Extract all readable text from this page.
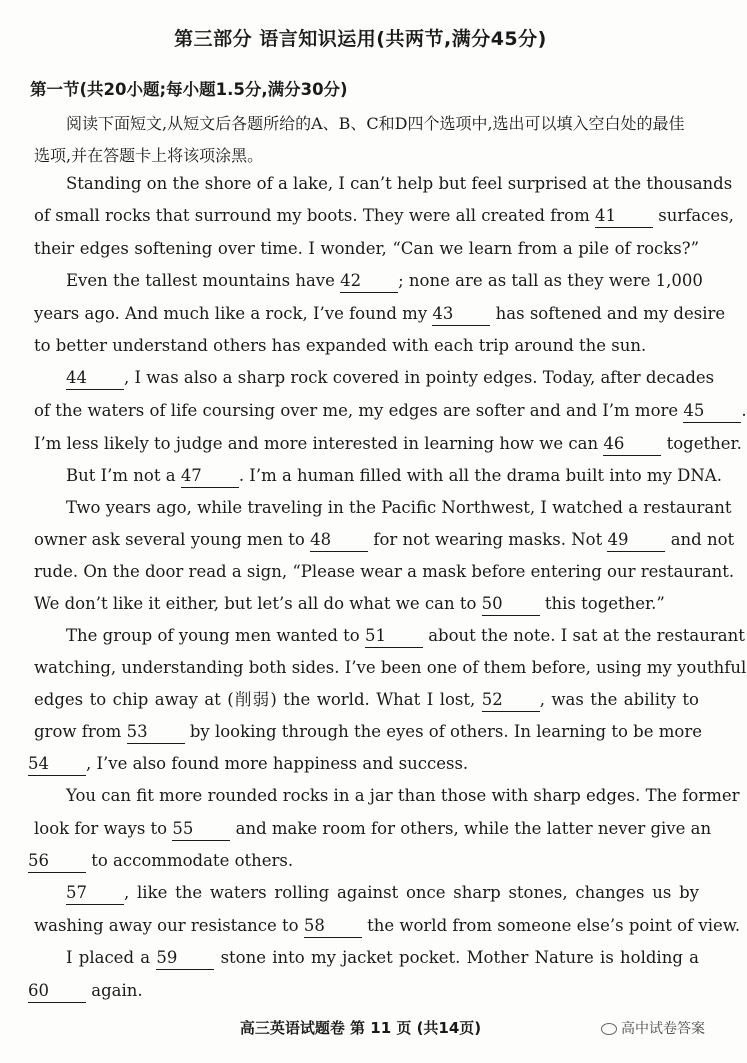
第三部分 语言知识运用(共两节,满分45分)
第一节(共20小题;每小题1.5分,满分30分)
阅读下面短文,从短文后各题所给的A、B、C和D四个选项中,选出可以填入空白处的最佳选项,并在答题卡上将该项涂黑。
Standing on the shore of a lake, I can’t help but feel surprised at the thousands
of small rocks that surround my boots. They were all created from 41 surfaces,
their edges softening over time. I wonder, “Can we learn from a pile of rocks?”
Even the tallest mountains have 42 ; none are as tall as they were 1,000
years ago. And much like a rock, I’ve found my 43 has softened and my desire
to better understand others has expanded with each trip around the sun.
44 , I was also a sharp rock covered in pointy edges. Today, after decades
of the waters of life coursing over me, my edges are softer and and I’m more 45 .
I’m less likely to judge and more interested in learning how we can 46 together.
But I’m not a 47 . I’m a human filled with all the drama built into my DNA.
Two years ago, while traveling in the Pacific Northwest, I watched a restaurant
owner ask several young men to 48 for not wearing masks. Not 49 and not
rude. On the door read a sign, “Please wear a mask before entering our restaurant.
We don’t like it either, but let’s all do what we can to 50 this together.”
The group of young men wanted to 51 about the note. I sat at the restaurant
watching, understanding both sides. I’ve been one of them before, using my youthful
edges to chip away at (削弱) the world. What I lost, 52 , was the ability to
grow from 53 by looking through the eyes of others. In learning to be more
54 , I’ve also found more happiness and success.
You can fit more rounded rocks in a jar than those with sharp edges. The former
look for ways to 55 and make room for others, while the latter never give an
56 to accommodate others.
57 , like the waters rolling against once sharp stones, changes us by
washing away our resistance to 58 the world from someone else’s point of view.
I placed a 59 stone into my jacket pocket. Mother Nature is holding a
60 again.
高三英语试题卷 第 11 页 (共14页)	高中试卷答案
